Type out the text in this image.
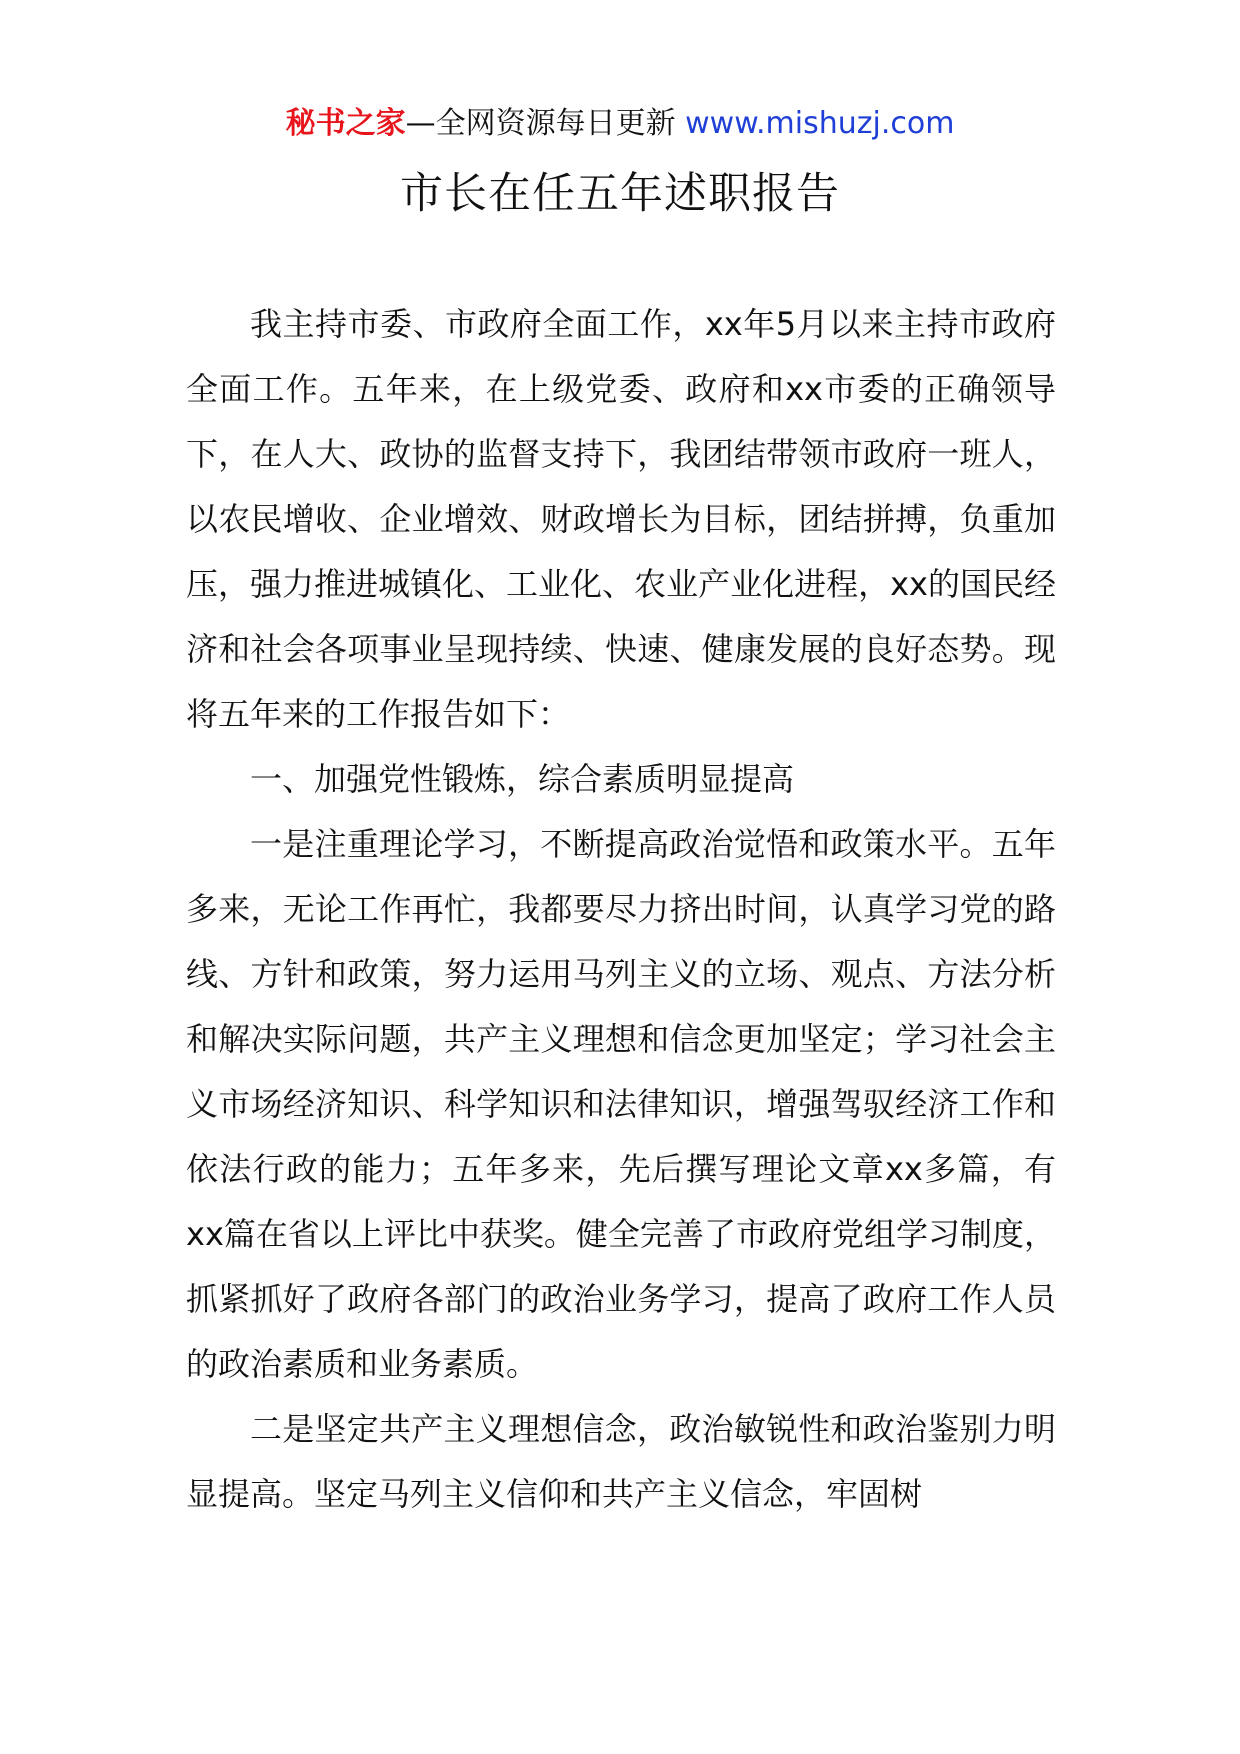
秘书之家—全网资源每日更新 www.mishuzj.com
市长在任五年述职报告

我主持市委、市政府全面工作，xx年5月以来主持市政府全面工作。五年来，在上级党委、政府和xx市委的正确领导下，在人大、政协的监督支持下，我团结带领市政府一班人，以农民增收、企业增效、财政增长为目标，团结拼搏，负重加压，强力推进城镇化、工业化、农业产业化进程，xx的国民经济和社会各项事业呈现持续、快速、健康发展的良好态势。现将五年来的工作报告如下：

一、加强党性锻炼，综合素质明显提高

一是注重理论学习，不断提高政治觉悟和政策水平。五年多来，无论工作再忙，我都要尽力挤出时间，认真学习党的路线、方针和政策，努力运用马列主义的立场、观点、方法分析和解决实际问题，共产主义理想和信念更加坚定；学习社会主义市场经济知识、科学知识和法律知识，增强驾驭经济工作和依法行政的能力；五年多来，先后撰写理论文章xx多篇，有xx篇在省以上评比中获奖。健全完善了市政府党组学习制度，抓紧抓好了政府各部门的政治业务学习，提高了政府工作人员的政治素质和业务素质。

二是坚定共产主义理想信念，政治敏锐性和政治鉴别力明显提高。坚定马列主义信仰和共产主义信念，牢固树
